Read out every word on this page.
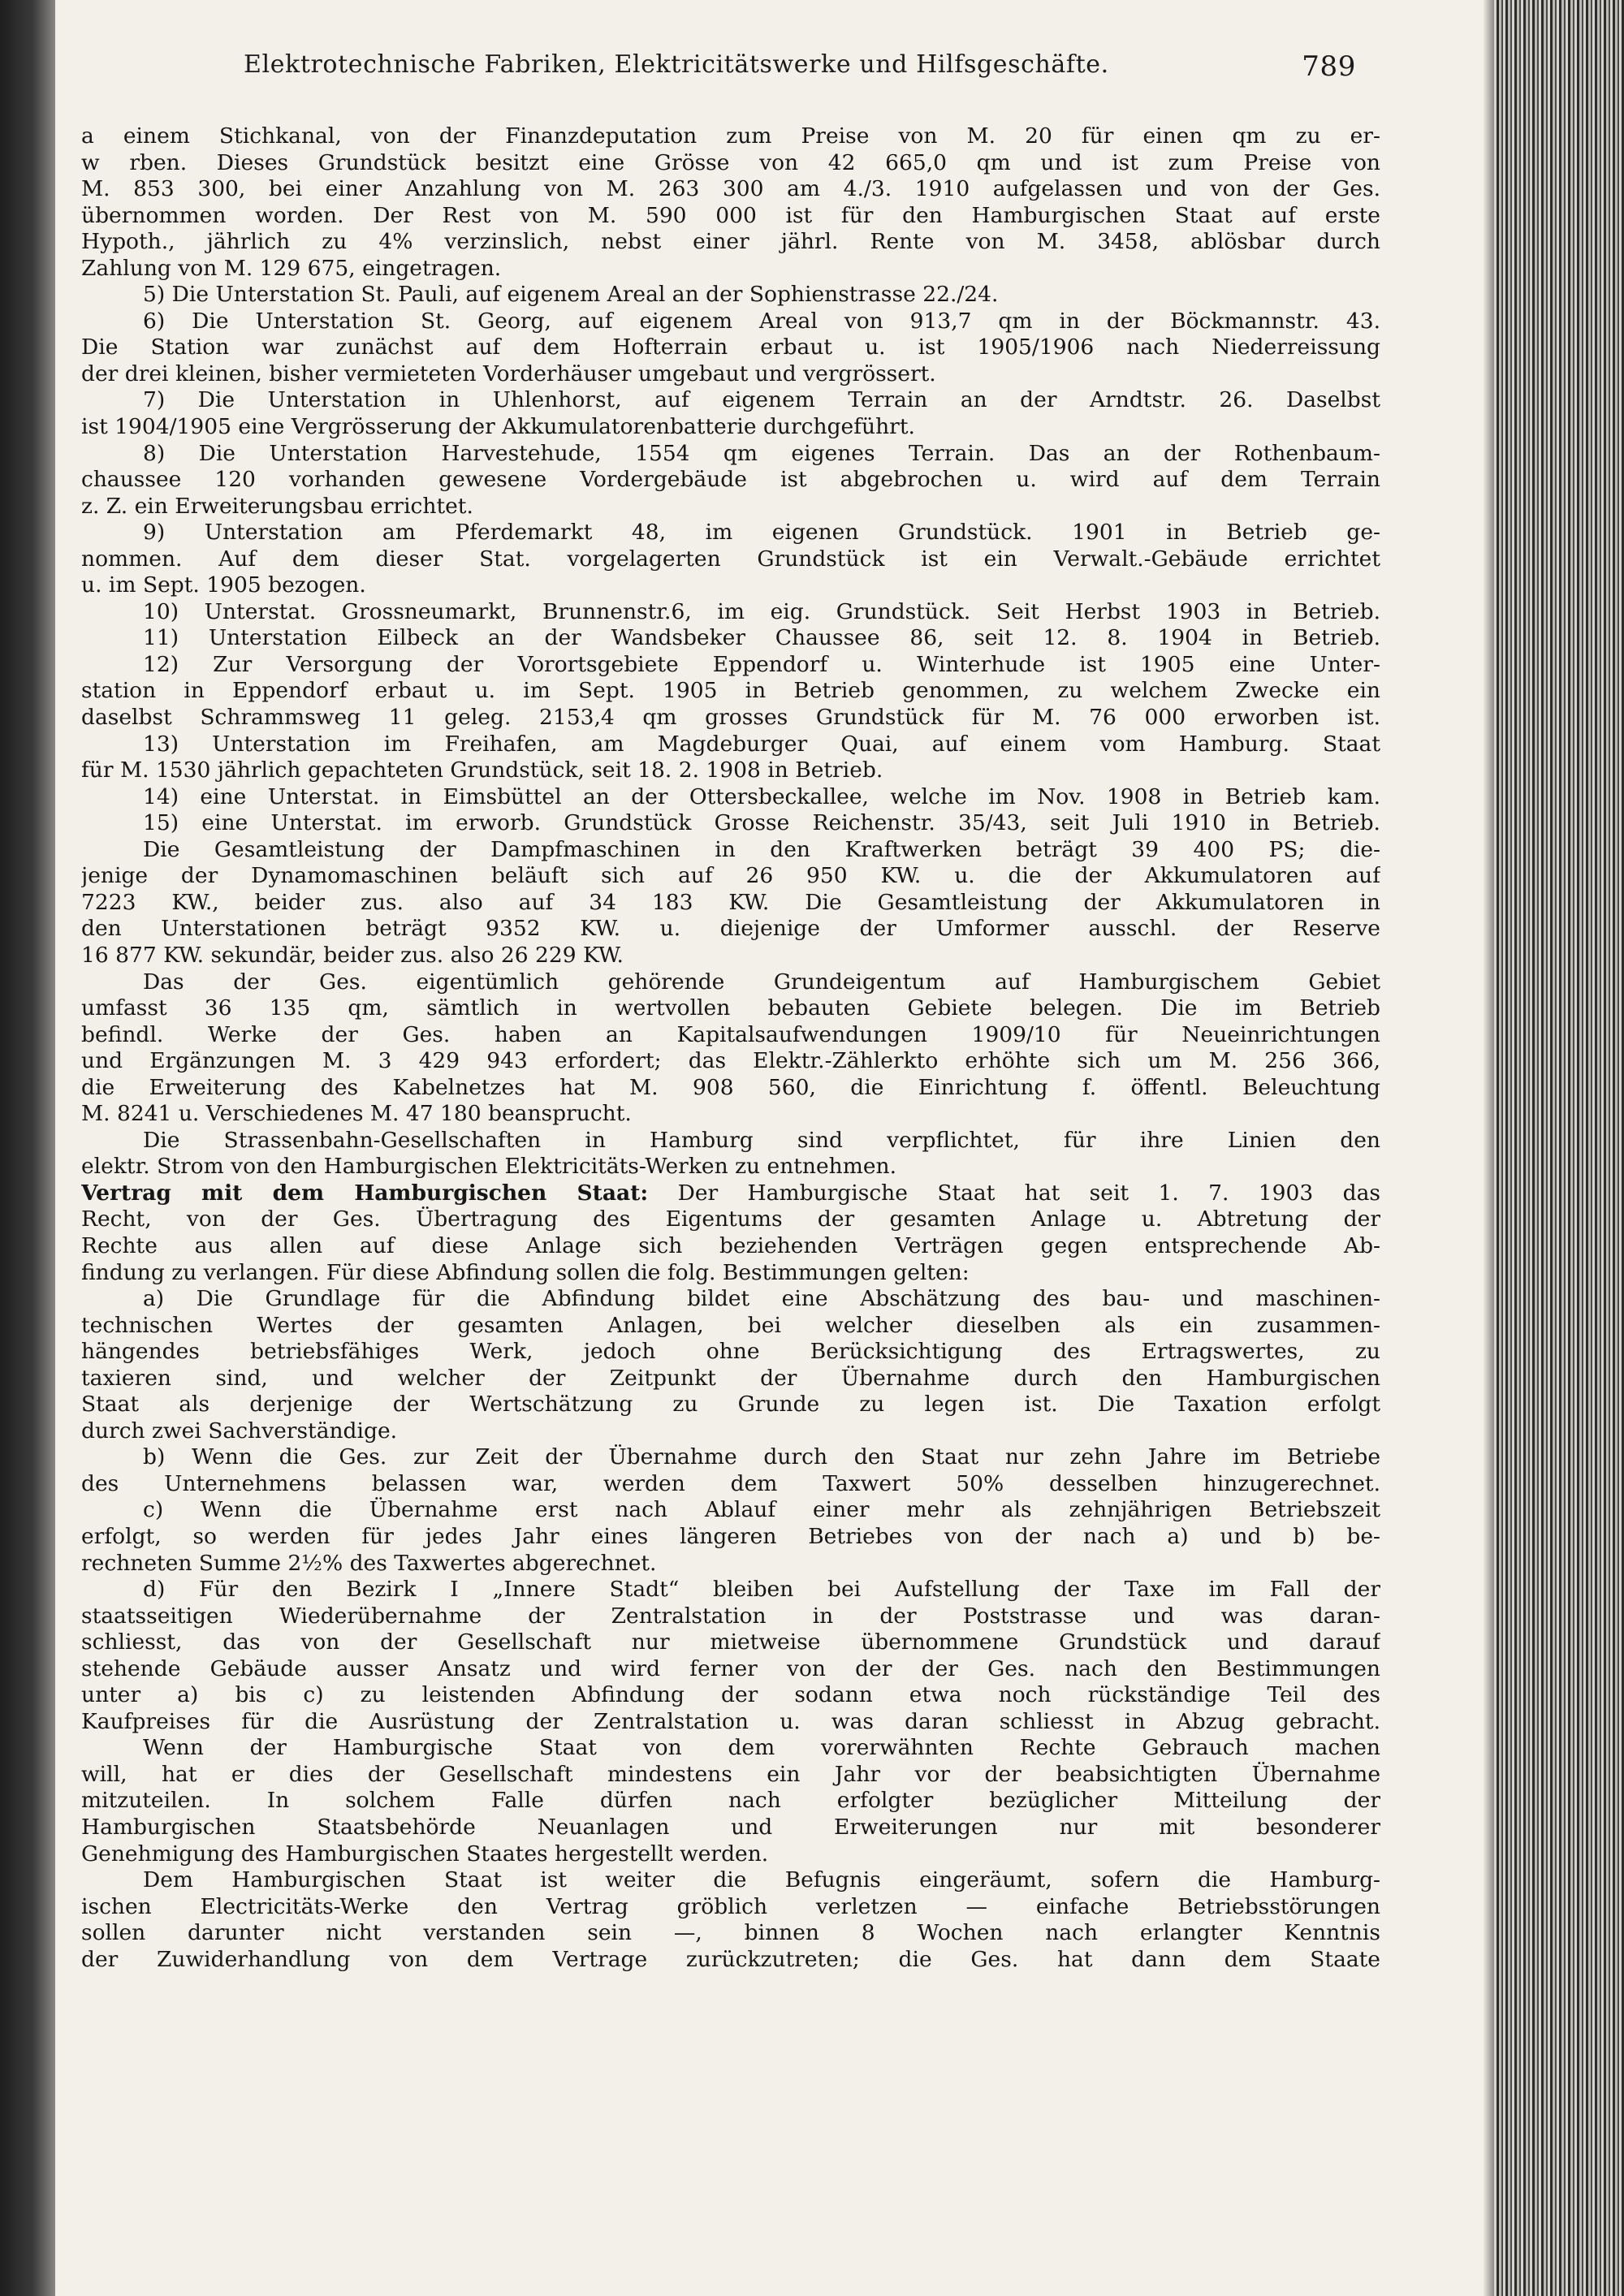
Elektrotechnische Fabriken, Elektricitätswerke und Hilfsgeschäfte.	789
a einem Stichkanal, von der Finanzdeputation zum Preise von M. 20 für einen qm zu er-
w rben. Dieses Grundstück besitzt eine Grösse von 42 665,0 qm und ist zum Preise von
M. 853 300, bei einer Anzahlung von M. 263 300 am 4./3. 1910 aufgelassen und von der Ges.
übernommen worden. Der Rest von M. 590 000 ist für den Hamburgischen Staat auf erste
Hypoth., jährlich zu 4% verzinslich, nebst einer jährl. Rente von M. 3458, ablösbar durch
Zahlung von M. 129 675, eingetragen.
5) Die Unterstation St. Pauli, auf eigenem Areal an der Sophienstrasse 22./24.
6) Die Unterstation St. Georg, auf eigenem Areal von 913,7 qm in der Böckmannstr. 43.
Die Station war zunächst auf dem Hofterrain erbaut u. ist 1905/1906 nach Niederreissung
der drei kleinen, bisher vermieteten Vorderhäuser umgebaut und vergrössert.
7) Die Unterstation in Uhlenhorst, auf eigenem Terrain an der Arndtstr. 26. Daselbst
ist 1904/1905 eine Vergrösserung der Akkumulatorenbatterie durchgeführt.
8) Die Unterstation Harvestehude, 1554 qm eigenes Terrain. Das an der Rothenbaum-
chaussee 120 vorhanden gewesene Vordergebäude ist abgebrochen u. wird auf dem Terrain
z. Z. ein Erweiterungsbau errichtet.
9) Unterstation am Pferdemarkt 48, im eigenen Grundstück. 1901 in Betrieb ge-
nommen. Auf dem dieser Stat. vorgelagerten Grundstück ist ein Verwalt.-Gebäude errichtet
u. im Sept. 1905 bezogen.
10) Unterstat. Grossneumarkt, Brunnenstr.6, im eig. Grundstück. Seit Herbst 1903 in Betrieb.
11) Unterstation Eilbeck an der Wandsbeker Chaussee 86, seit 12. 8. 1904 in Betrieb.
12) Zur Versorgung der Vorortsgebiete Eppendorf u. Winterhude ist 1905 eine Unter-
station in Eppendorf erbaut u. im Sept. 1905 in Betrieb genommen, zu welchem Zwecke ein
daselbst Schrammsweg 11 geleg. 2153,4 qm grosses Grundstück für M. 76 000 erworben ist.
13) Unterstation im Freihafen, am Magdeburger Quai, auf einem vom Hamburg. Staat
für M. 1530 jährlich gepachteten Grundstück, seit 18. 2. 1908 in Betrieb.
14) eine Unterstat. in Eimsbüttel an der Ottersbeckallee, welche im Nov. 1908 in Betrieb kam.
15) eine Unterstat. im erworb. Grundstück Grosse Reichenstr. 35/43, seit Juli 1910 in Betrieb.
Die Gesamtleistung der Dampfmaschinen in den Kraftwerken beträgt 39 400 PS; die-
jenige der Dynamomaschinen beläuft sich auf 26 950 KW. u. die der Akkumulatoren auf
7223 KW., beider zus. also auf 34 183 KW. Die Gesamtleistung der Akkumulatoren in
den Unterstationen beträgt 9352 KW. u. diejenige der Umformer ausschl. der Reserve
16 877 KW. sekundär, beider zus. also 26 229 KW.
Das der Ges. eigentümlich gehörende Grundeigentum auf Hamburgischem Gebiet
umfasst 36 135 qm, sämtlich in wertvollen bebauten Gebiete belegen. Die im Betrieb
befindl. Werke der Ges. haben an Kapitalsaufwendungen 1909/10 für Neueinrichtungen
und Ergänzungen M. 3 429 943 erfordert; das Elektr.-Zählerkto erhöhte sich um M. 256 366,
die Erweiterung des Kabelnetzes hat M. 908 560, die Einrichtung f. öffentl. Beleuchtung
M. 8241 u. Verschiedenes M. 47 180 beansprucht.
Die Strassenbahn-Gesellschaften in Hamburg sind verpflichtet, für ihre Linien den
elektr. Strom von den Hamburgischen Elektricitäts-Werken zu entnehmen.
Vertrag mit dem Hamburgischen Staat: Der Hamburgische Staat hat seit 1. 7. 1903 das
Recht, von der Ges. Übertragung des Eigentums der gesamten Anlage u. Abtretung der
Rechte aus allen auf diese Anlage sich beziehenden Verträgen gegen entsprechende Ab-
findung zu verlangen. Für diese Abfindung sollen die folg. Bestimmungen gelten:
a) Die Grundlage für die Abfindung bildet eine Abschätzung des bau- und maschinen-
technischen Wertes der gesamten Anlagen, bei welcher dieselben als ein zusammen-
hängendes betriebsfähiges Werk, jedoch ohne Berücksichtigung des Ertragswertes, zu
taxieren sind, und welcher der Zeitpunkt der Übernahme durch den Hamburgischen
Staat als derjenige der Wertschätzung zu Grunde zu legen ist. Die Taxation erfolgt
durch zwei Sachverständige.
b) Wenn die Ges. zur Zeit der Übernahme durch den Staat nur zehn Jahre im Betriebe
des Unternehmens belassen war, werden dem Taxwert 50% desselben hinzugerechnet.
c) Wenn die Übernahme erst nach Ablauf einer mehr als zehnjährigen Betriebszeit
erfolgt, so werden für jedes Jahr eines längeren Betriebes von der nach a) und b) be-
rechneten Summe 2½% des Taxwertes abgerechnet.
d) Für den Bezirk I „Innere Stadt“ bleiben bei Aufstellung der Taxe im Fall der
staatsseitigen Wiederübernahme der Zentralstation in der Poststrasse und was daran-
schliesst, das von der Gesellschaft nur mietweise übernommene Grundstück und darauf
stehende Gebäude ausser Ansatz und wird ferner von der der Ges. nach den Bestimmungen
unter a) bis c) zu leistenden Abfindung der sodann etwa noch rückständige Teil des
Kaufpreises für die Ausrüstung der Zentralstation u. was daran schliesst in Abzug gebracht.
Wenn der Hamburgische Staat von dem vorerwähnten Rechte Gebrauch machen
will, hat er dies der Gesellschaft mindestens ein Jahr vor der beabsichtigten Übernahme
mitzuteilen. In solchem Falle dürfen nach erfolgter bezüglicher Mitteilung der
Hamburgischen Staatsbehörde Neuanlagen und Erweiterungen nur mit besonderer
Genehmigung des Hamburgischen Staates hergestellt werden.
Dem Hamburgischen Staat ist weiter die Befugnis eingeräumt, sofern die Hamburg-
ischen Electricitäts-Werke den Vertrag gröblich verletzen — einfache Betriebsstörungen
sollen darunter nicht verstanden sein —, binnen 8 Wochen nach erlangter Kenntnis
der Zuwiderhandlung von dem Vertrage zurückzutreten; die Ges. hat dann dem Staate
